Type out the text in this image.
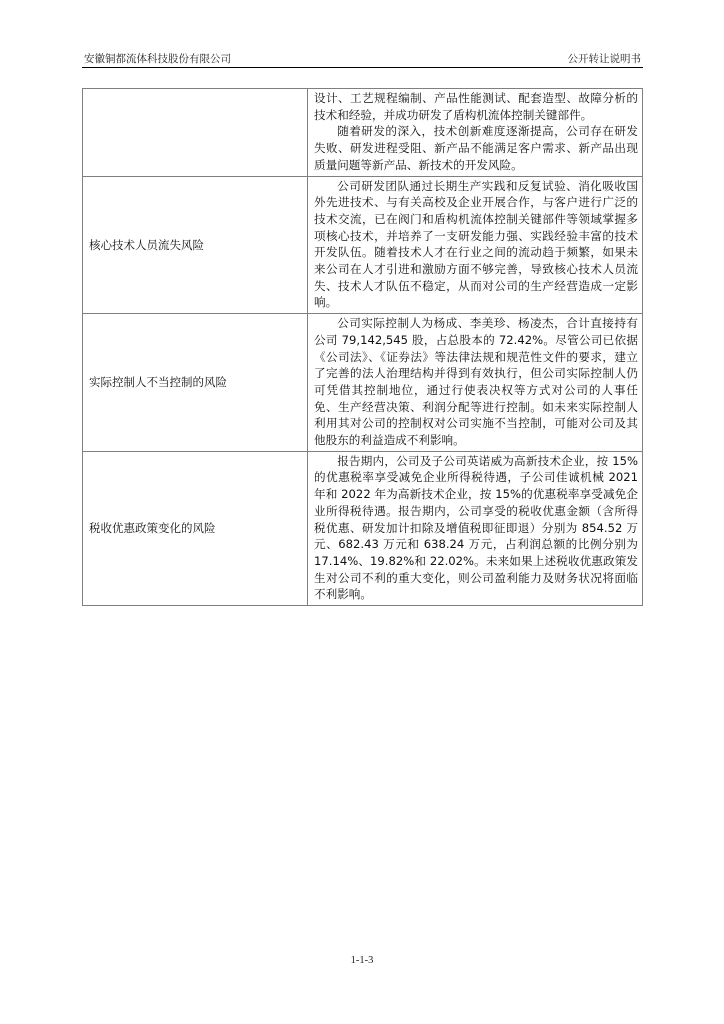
安徽铜都流体科技股份有限公司	公开转让说明书

	设计、工艺规程编制、产品性能测试、配套造型、故障分析的技术和经验，并成功研发了盾构机流体控制关键部件。

随着研发的深入，技术创新难度逐渐提高，公司存在研发失败、研发进程受阻、新产品不能满足客户需求、新产品出现质量问题等新产品、新技术的开发风险。

核心技术人员流失风险	公司研发团队通过长期生产实践和反复试验、消化吸收国外先进技术、与有关高校及企业开展合作，与客户进行广泛的技术交流，已在阀门和盾构机流体控制关键部件等领域掌握多项核心技术，并培养了一支研发能力强、实践经验丰富的技术开发队伍。随着技术人才在行业之间的流动趋于频繁，如果未来公司在人才引进和激励方面不够完善，导致核心技术人员流失、技术人才队伍不稳定，从而对公司的生产经营造成一定影响。

实际控制人不当控制的风险	公司实际控制人为杨成、李美珍、杨凌杰，合计直接持有公司 79,142,545 股，占总股本的 72.42%。尽管公司已依据《公司法》、《证券法》等法律法规和规范性文件的要求，建立了完善的法人治理结构并得到有效执行，但公司实际控制人仍可凭借其控制地位，通过行使表决权等方式对公司的人事任免、生产经营决策、利润分配等进行控制。如未来实际控制人利用其对公司的控制权对公司实施不当控制，可能对公司及其他股东的利益造成不利影响。

税收优惠政策变化的风险	报告期内，公司及子公司英诺威为高新技术企业，按 15%的优惠税率享受减免企业所得税待遇，子公司佳诚机械 2021 年和 2022 年为高新技术企业，按 15%的优惠税率享受减免企业所得税待遇。报告期内，公司享受的税收优惠金额（含所得税优惠、研发加计扣除及增值税即征即退）分别为 854.52 万元、682.43 万元和 638.24 万元，占利润总额的比例分别为 17.14%、19.82%和 22.02%。未来如果上述税收优惠政策发生对公司不利的重大变化，则公司盈利能力及财务状况将面临不利影响。

1-1-3
